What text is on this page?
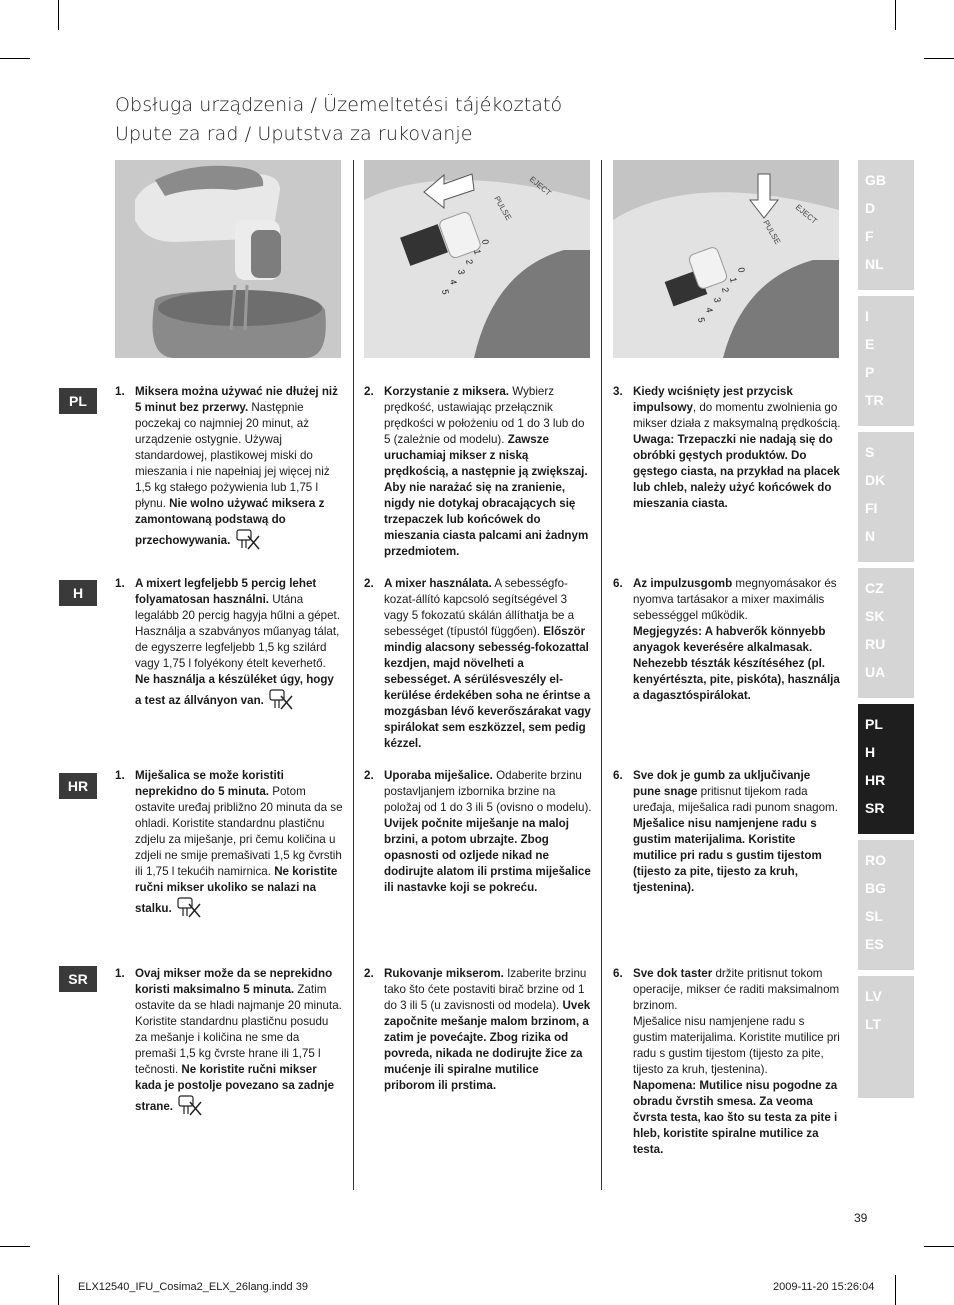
Obsługa urządzenia / Üzemeltetési tájékoztató
Upute za rad / Uputstva za rukovanje
PULSE
EJECT
0
1
2
3
4
5
PULSE
EJECT
0
1
2
3
4
5
PL
H
HR
SR
1. Miksera można używać nie dłużej niż 5 minut bez przerwy. Następnie poczekaj co najmniej 20 minut, aż urządzenie ostygnie. Używaj standardowej, plastikowej miski do mieszania i nie napełniaj jej więcej niż 1,5 kg stałego pożywienia lub 1,75 l płynu. Nie wolno używać miksera z zamontowaną podstawą do przechowywania.
2. Korzystanie z miksera. Wybierz prędkość, ustawiając przełącznik prędkości w położeniu od 1 do 3 lub do 5 (zależnie od modelu). Zawsze uruchamiaj mikser z niską prędkością, a następnie ją zwiększaj. Aby nie narażać się na zranienie, nigdy nie dotykaj obracających się trzepaczek lub końcówek do mieszania ciasta palcami ani żadnym przedmiotem.
3. Kiedy wciśnięty jest przycisk impulsowy, do momentu zwolnienia go mikser działa z maksymalną prędkością.
Uwaga: Trzepaczki nie nadają się do obróbki gęstych produktów. Do gęstego ciasta, na przykład na placek lub chleb, należy użyć końcówek do mieszania ciasta.
1. A mixert legfeljebb 5 percig lehet folyamatosan használni. Utána legalább 20 percig hagyja hűlni a gépet. Használja a szabványos műanyag tálat, de egyszerre legfeljebb 1,5 kg szilárd vagy 1,75 l folyékony ételt keverhető. Ne használja a készüléket úgy, hogy a test az állványon van.
2. A mixer használata. A sebességfo-kozat-állító kapcsoló segítségével 3 vagy 5 fokozatú skálán állíthatja be a sebességet (típustól függően). Először mindig alacsony sebesség-fokozattal kezdjen, majd növelheti a sebességet. A sérülésveszély el-kerülése érdekében soha ne érintse a mozgásban lévő keverőszárakat vagy spirálokat sem eszközzel, sem pedig kézzel.
6. Az impulzusgomb megnyomásakor és nyomva tartásakor a mixer maximális sebességgel működik.
Megjegyzés: A habverők könnyebb anyagok keverésére alkalmasak. Nehezebb tészták készítéséhez (pl. kenyértészta, pite, piskóta), használja a dagasztóspirálokat.
1. Miješalica se može koristiti neprekidno do 5 minuta. Potom ostavite uređaj približno 20 minuta da se ohladi. Koristite standardnu plastičnu zdjelu za miješanje, pri čemu količina u zdjeli ne smije premašivati 1,5 kg čvrstih ili 1,75 l tekućih namirnica. Ne koristite ručni mikser ukoliko se nalazi na stalku.
2. Uporaba miješalice. Odaberite brzinu postavljanjem izbornika brzine na položaj od 1 do 3 ili 5 (ovisno o modelu). Uvijek počnite miješanje na maloj brzini, a potom ubrzajte. Zbog opasnosti od ozljede nikad ne dodirujte alatom ili prstima miješalice ili nastavke koji se pokreću.
6. Sve dok je gumb za uključivanje pune snage pritisnut tijekom rada uređaja, miješalica radi punom snagom.
Mješalice nisu namjenjene radu s gustim materijalima. Koristite mutilice pri radu s gustim tijestom (tijesto za pite, tijesto za kruh, tjestenina).
1. Ovaj mikser može da se neprekidno koristi maksimalno 5 minuta. Zatim ostavite da se hladi najmanje 20 minuta. Koristite standardnu plastičnu posudu za mešanje i količina ne sme da premaši 1,5 kg čvrste hrane ili 1,75 l tečnosti. Ne koristite ručni mikser kada je postolje povezano sa zadnje strane.
2. Rukovanje mikserom. Izaberite brzinu tako što ćete postaviti birač brzine od 1 do 3 ili 5 (u zavisnosti od modela). Uvek započnite mešanje malom brzinom, a zatim je povećajte. Zbog rizika od povreda, nikada ne dodirujte žice za mućenje ili spiralne mutilice priborom ili prstima.
6. Sve dok taster držite pritisnut tokom operacije, mikser će raditi maksimalnom brzinom.
Mješalice nisu namjenjene radu s gustim materijalima. Koristite mutilice pri radu s gustim tijestom (tijesto za pite, tijesto za kruh, tjestenina).
Napomena: Mutilice nisu pogodne za obradu čvrstih smesa. Za veoma čvrsta testa, kao što su testa za pite i hleb, koristite spiralne mutilice za testa.
GB
D
F
NL
I
E
P
TR
S
DK
FI
N
CZ
SK
RU
UA
PL
H
HR
SR
RO
BG
SL
ES
LV
LT
39
ELX12540_IFU_Cosima2_ELX_26lang.indd 39	2009-11-20 15:26:04
